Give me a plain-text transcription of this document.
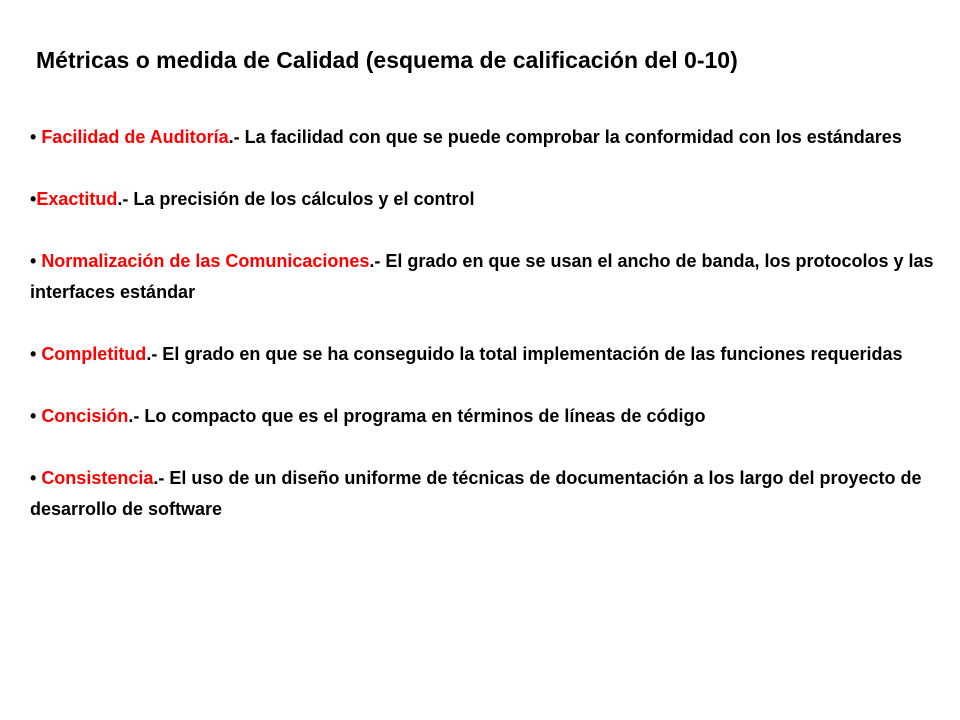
Métricas o medida de Calidad (esquema de calificación del 0-10)
• Facilidad de Auditoría.- La facilidad con que se puede comprobar la conformidad con los estándares
•Exactitud.- La precisión de los cálculos y el control
• Normalización de las Comunicaciones.- El grado en que se usan el ancho de banda, los protocolos y las interfaces estándar
• Completitud.- El grado en que se ha conseguido la total implementación de las funciones requeridas
• Concisión.- Lo compacto que es el programa en términos de líneas de código
• Consistencia.- El uso de un diseño uniforme de técnicas de documentación a los largo del proyecto de desarrollo de software
